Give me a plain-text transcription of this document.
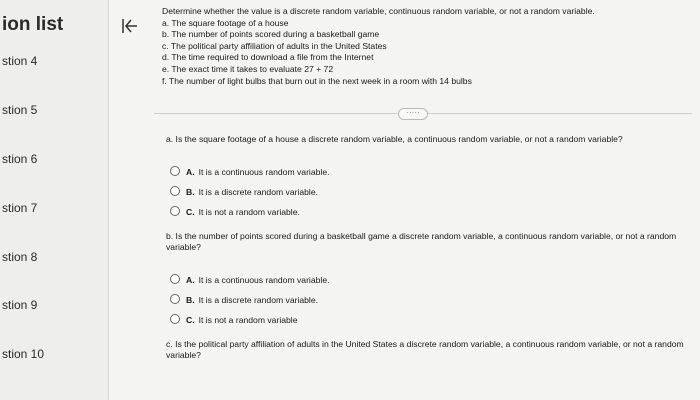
ion list
stion 4
stion 5
stion 6
stion 7
stion 8
stion 9
stion 10
Determine whether the value is a discrete random variable, continuous random variable, or not a random variable.
a. The square footage of a house
b. The number of points scored during a basketball game
c. The political party affiliation of adults in the United States
d. The time required to download a file from the Internet
e. The exact time it takes to evaluate 27 + 72
f. The number of light bulbs that burn out in the next week in a room with 14 bulbs
·····
a. Is the square footage of a house a discrete random variable, a continuous random variable, or not a random variable?
A. It is a continuous random variable.
B. It is a discrete random variable.
C. It is not a random variable.
b. Is the number of points scored during a basketball game a discrete random variable, a continuous random variable, or not a random variable?
A. It is a continuous random variable.
B. It is a discrete random variable.
C. It is not a random variable
c. Is the political party affiliation of adults in the United States a discrete random variable, a continuous random variable, or not a random variable?
